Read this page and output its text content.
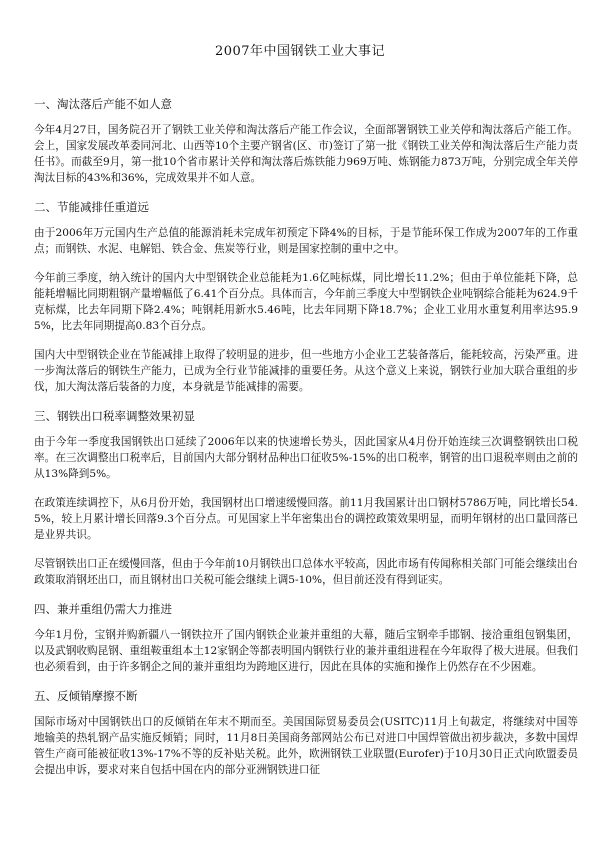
2007年中国钢铁工业大事记
一、淘汰落后产能不如人意

今年4月27日，国务院召开了钢铁工业关停和淘汰落后产能工作会议，全面部署钢铁工业关停和淘汰落后产能工作。会上，国家发展改革委同河北、山西等10个主要产钢省(区、市)签订了第一批《钢铁工业关停和淘汰落后生产能力责任书》。而截至9月，第一批10个省市累计关停和淘汰落后炼铁能力969万吨、炼钢能力873万吨，分别完成全年关停淘汰目标的43%和36%，完成效果并不如人意。

二、节能减排任重道远

由于2006年万元国内生产总值的能源消耗未完成年初预定下降4%的目标，于是节能环保工作成为2007年的工作重点；而钢铁、水泥、电解铝、铁合金、焦炭等行业，则是国家控制的重中之中。

今年前三季度，纳入统计的国内大中型钢铁企业总能耗为1.6亿吨标煤，同比增长11.2%；但由于单位能耗下降，总能耗增幅比同期粗钢产量增幅低了6.41个百分点。具体而言，今年前三季度大中型钢铁企业吨钢综合能耗为624.9千克标煤，比去年同期下降2.4%；吨钢耗用新水5.46吨，比去年同期下降18.7%；企业工业用水重复利用率达95.95%，比去年同期提高0.83个百分点。

国内大中型钢铁企业在节能减排上取得了较明显的进步，但一些地方小企业工艺装备落后，能耗较高，污染严重。进一步淘汰落后的钢铁生产能力，已成为全行业节能减排的重要任务。从这个意义上来说，钢铁行业加大联合重组的步伐，加大淘汰落后装备的力度，本身就是节能减排的需要。

三、钢铁出口税率调整效果初显

由于今年一季度我国钢铁出口延续了2006年以来的快速增长势头，因此国家从4月份开始连续三次调整钢铁出口税率。在三次调整出口税率后，目前国内大部分钢材品种出口征收5%-15%的出口税率，钢管的出口退税率则由之前的从13%降到5%。

在政策连续调控下，从6月份开始，我国钢材出口增速缓慢回落。前11月我国累计出口钢材5786万吨，同比增长54.5%，较上月累计增长回落9.3个百分点。可见国家上半年密集出台的调控政策效果明显，而明年钢材的出口量回落已是业界共识。

尽管钢铁出口正在缓慢回落，但由于今年前10月钢铁出口总体水平较高，因此市场有传闻称相关部门可能会继续出台政策取消钢坯出口，而且钢材出口关税可能会继续上调5-10%，但目前还没有得到证实。

四、兼并重组仍需大力推进

今年1月份，宝钢并购新疆八一钢铁拉开了国内钢铁企业兼并重组的大幕，随后宝钢牵手邯钢、接洽重组包钢集团，以及武钢收购昆钢、重组鞍重组本土12家钢企等都表明国内钢铁行业的兼并重组进程在今年取得了极大进展。但我们也必须看到，由于许多钢企之间的兼并重组均为跨地区进行，因此在具体的实施和操作上仍然存在不少困难。

五、反倾销摩擦不断

国际市场对中国钢铁出口的反倾销在年末不期而至。美国国际贸易委员会(USITC)11月上旬裁定，将继续对中国等地输美的热轧钢产品实施反倾销；同时，11月8日美国商务部网站公布已对进口中国焊管做出初步裁决，多数中国焊管生产商可能被征收13%-17%不等的反补贴关税。此外，欧洲钢铁工业联盟(Eurofer)于10月30日正式向欧盟委员会提出申诉，要求对来自包括中国在内的部分亚洲钢铁进口征
